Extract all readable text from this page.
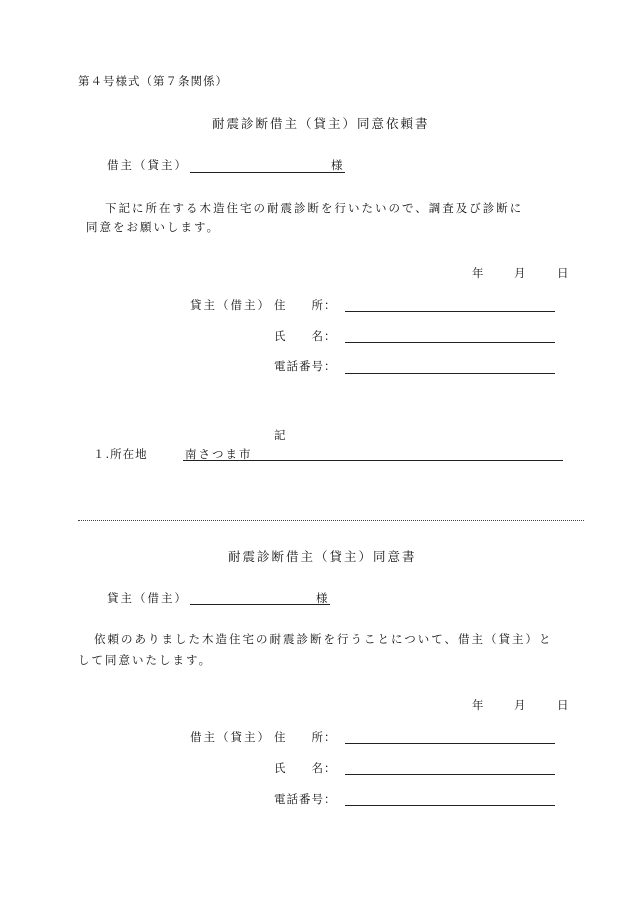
第４号様式（第７条関係）
耐震診断借主（貸主）同意依頼書
借主（貸主）	様
下記に所在する木造住宅の耐震診断を行いたいので、調査及び診断に
同意をお願いします。
年 月	日
貸主（借主） 住　　所：
氏　　名：
電話番号：
記
１.所在地	南さつま市
耐震診断借主（貸主）同意書
貸主（借主）	様
依頼のありました木造住宅の耐震診断を行うことについて、借主（貸主）と
して同意いたします。
年 月	日
借主（貸主） 住　　所：
氏　　名：
電話番号：
